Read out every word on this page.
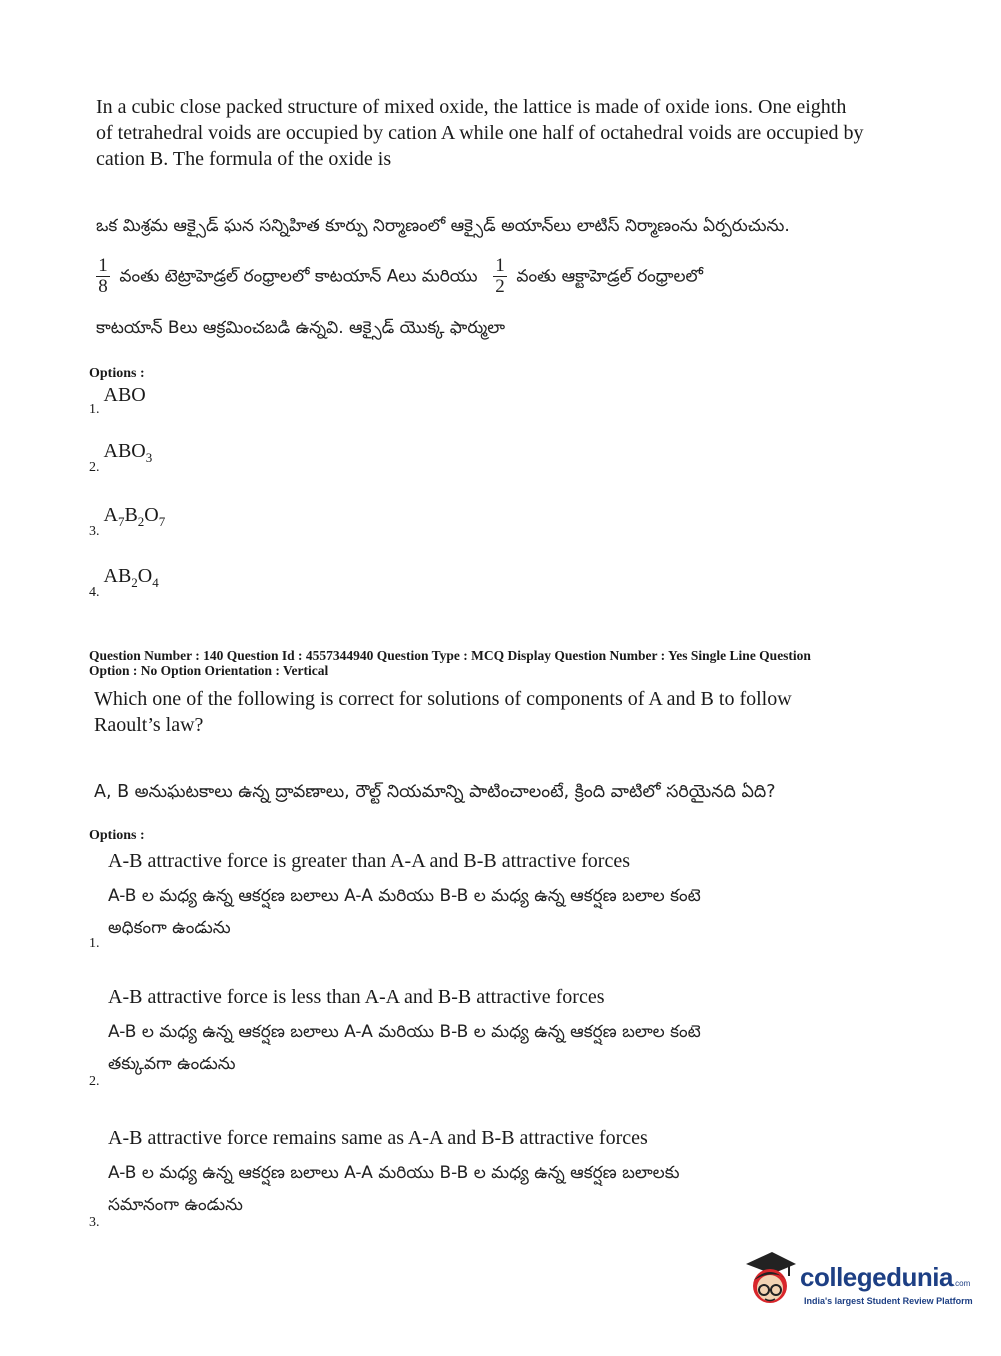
In a cubic close packed structure of mixed oxide, the lattice is made of oxide ions. One eighth of tetrahedral voids are occupied by cation A while one half of octahedral voids are occupied by cation B. The formula of the oxide is
ఒక మిశ్రమ ఆక్సైడ్ ఘన సన్నిహిత కూర్పు నిర్మాణంలో ఆక్సైడ్ అయాన్‌లు లాటిస్ నిర్మాణంను ఏర్పరుచును.
$\frac{1}{8}$ వంతు టెట్రాహెడ్రల్ రంధ్రాలలో కాటయాన్ Aలు మరియు $\frac{1}{2}$ వంతు ఆక్టాహెడ్రల్ రంధ్రాలలో
కాటయాన్ Bలు ఆక్రమించబడి ఉన్నవి. ఆక్సైడ్ యొక్క ఫార్ములా
Options :
1. ABO
2. $ABO_3$
3. $A_7B_2O_7$
4. $AB_2O_4$
Question Number : 140 Question Id : 4557344940 Question Type : MCQ Display Question Number : Yes Single Line Question
Option : No Option Orientation : Vertical
Which one of the following is correct for solutions of components of A and B to follow
Raoult’s law?
A, B అనుఘటకాలు ఉన్న ద్రావణాలు, రౌల్ట్ నియమాన్ని పాటించాలంటే, క్రింది వాటిలో సరియైనది ఏది?
Options :
A-B attractive force is greater than A-A and B-B attractive forces
A-B ల మధ్య ఉన్న ఆకర్షణ బలాలు A-A మరియు B-B ల మధ్య ఉన్న ఆకర్షణ బలాల కంటె
అధికంగా ఉండును
1.
A-B attractive force is less than A-A and B-B attractive forces
A-B ల మధ్య ఉన్న ఆకర్షణ బలాలు A-A మరియు B-B ల మధ్య ఉన్న ఆకర్షణ బలాల కంటె
తక్కువగా ఉండును
2.
A-B attractive force remains same as A-A and B-B attractive forces
A-B ల మధ్య ఉన్న ఆకర్షణ బలాలు A-A మరియు B-B ల మధ్య ఉన్న ఆకర్షణ బలాలకు
సమానంగా ఉండును
3.
collegedunia.com
India's largest Student Review Platform
